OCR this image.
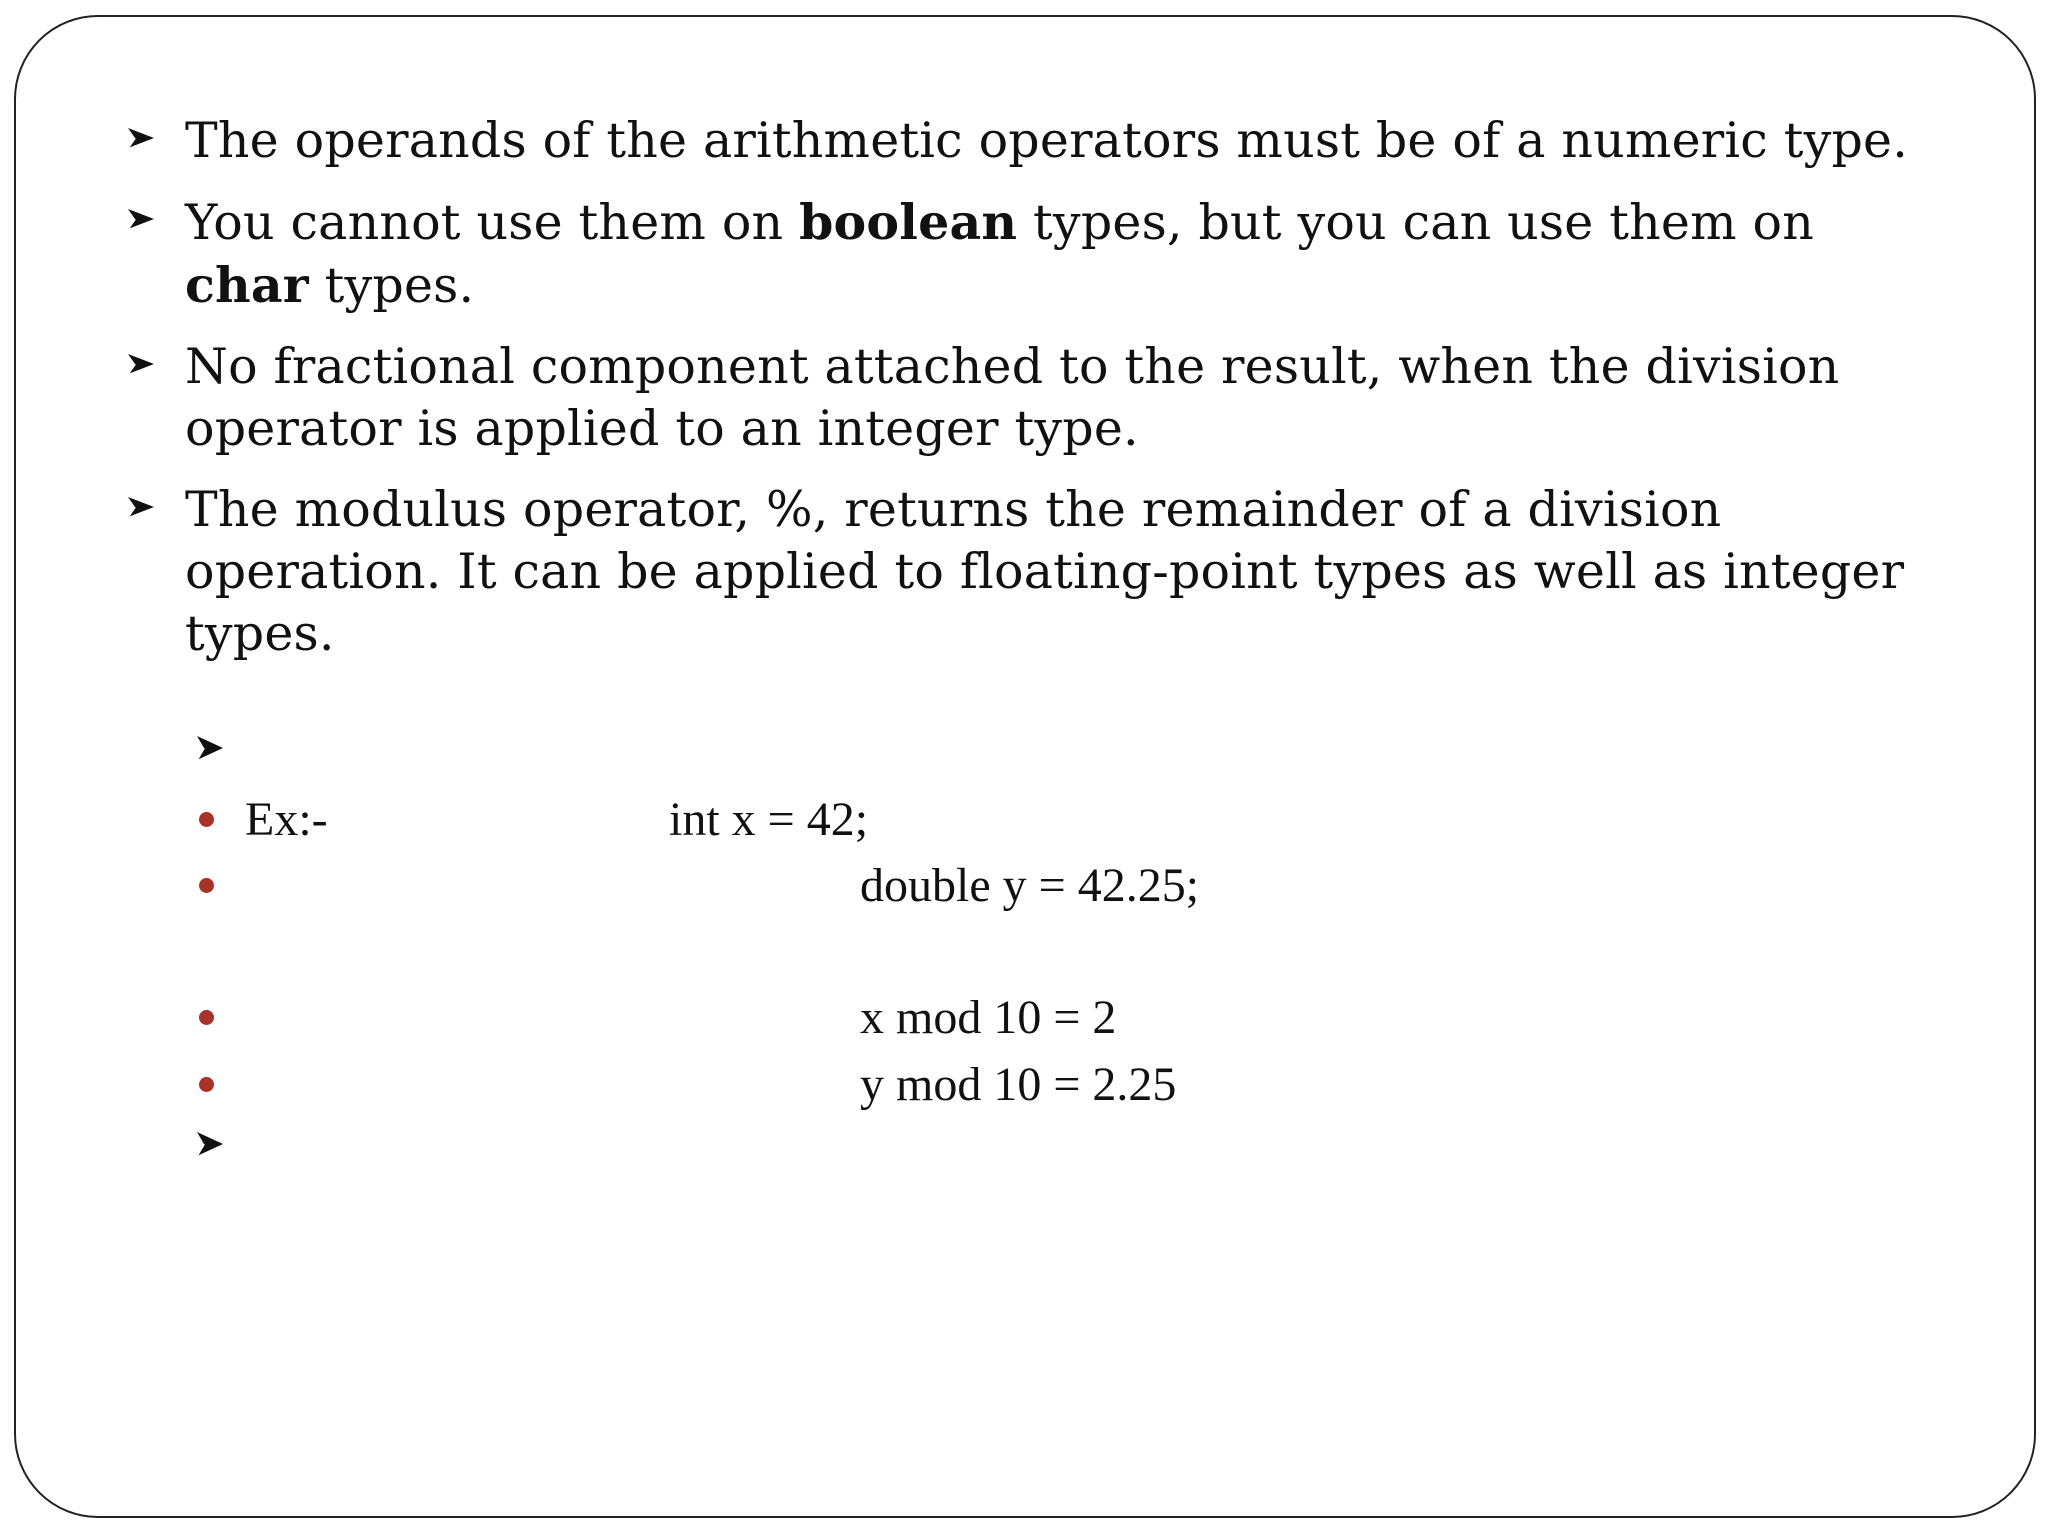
The operands of the arithmetic operators must be of a numeric type.
You cannot use them on boolean types, but you can use them on char types.
No fractional component attached to the result, when the division operator is applied to an integer type.
The modulus operator, %, returns the remainder of a division operation. It can be applied to floating-point types as well as integer types.
Ex:-	int x = 42;
double y = 42.25;
x mod 10 = 2
y mod 10 = 2.25
